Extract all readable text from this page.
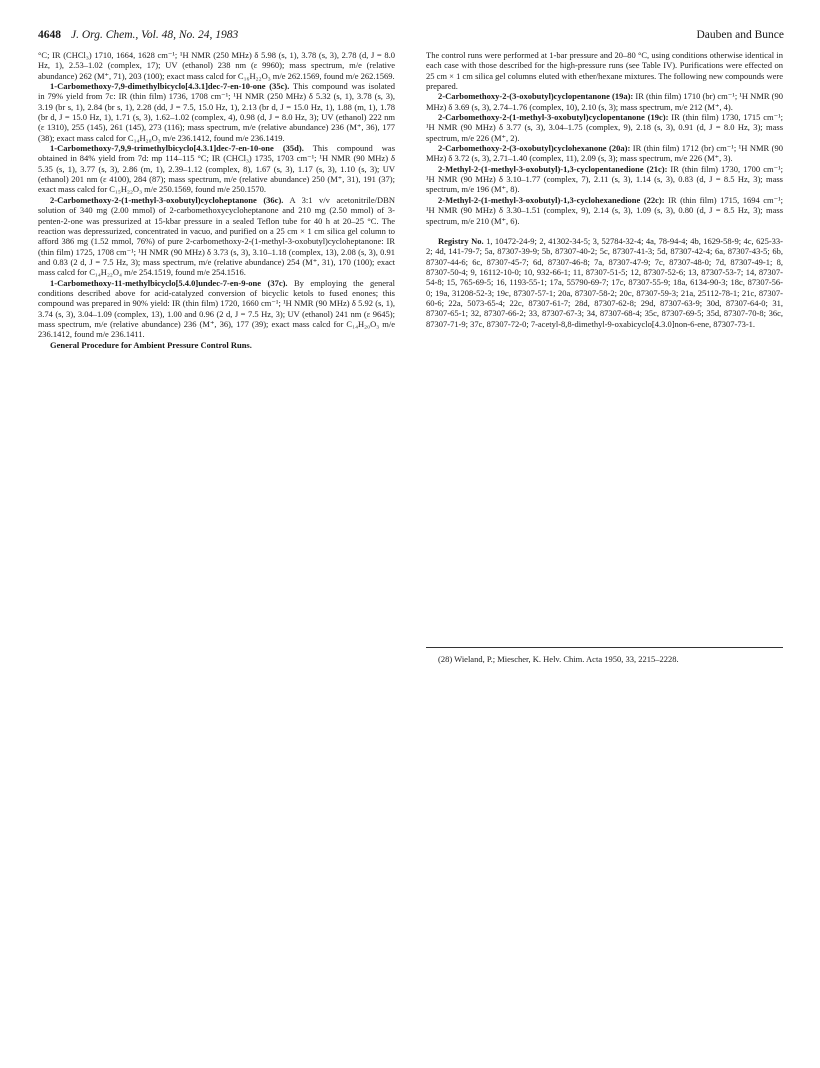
4648 J. Org. Chem., Vol. 48, No. 24, 1983	Dauben and Bunce

°C; IR (CHCl₃) 1710, 1664, 1628 cm⁻¹; ¹H NMR (250 MHz) δ 5.98 (s, 1), 3.78 (s, 3), 2.78 (d, J = 8.0 Hz, 1), 2.53–1.02 (complex, 17); UV (ethanol) 238 nm (ε 9960); mass spectrum, m/e (relative abundance) 262 (M⁺, 71), 203 (100); exact mass calcd for C₁₆H₂₂O₃ m/e 262.1569, found m/e 262.1569.

1-Carbomethoxy-7,9-dimethylbicyclo[4.3.1]dec-7-en-10-one (35c). This compound was isolated in 79% yield from 7c: IR (thin film) 1736, 1708 cm⁻¹; ¹H NMR (250 MHz) δ 5.32 (s, 1), 3.78 (s, 3), 3.19 (br s, 1), 2.84 (br s, 1), 2.28 (dd, J = 7.5, 15.0 Hz, 1), 2.13 (br d, J = 15.0 Hz, 1), 1.88 (m, 1), 1.78 (br d, J = 15.0 Hz, 1), 1.71 (s, 3), 1.62–1.02 (complex, 4), 0.98 (d, J = 8.0 Hz, 3); UV (ethanol) 222 nm (ε 1310), 255 (145), 261 (145), 273 (116); mass spectrum, m/e (relative abundance) 236 (M⁺, 36), 177 (38); exact mass calcd for C₁₄H₂₀O₃ m/e 236.1412, found m/e 236.1419.

1-Carbomethoxy-7,9,9-trimethylbicyclo[4.3.1]dec-7-en-10-one (35d). This compound was obtained in 84% yield from 7d: mp 114–115 °C; IR (CHCl₃) 1735, 1703 cm⁻¹; ¹H NMR (90 MHz) δ 5.35 (s, 1), 3.77 (s, 3), 2.86 (m, 1), 2.39–1.12 (complex, 8), 1.67 (s, 3), 1.17 (s, 3), 1.10 (s, 3); UV (ethanol) 201 nm (ε 4100), 284 (87); mass spectrum, m/e (relative abundance) 250 (M⁺, 31), 191 (37); exact mass calcd for C₁₅H₂₂O₃ m/e 250.1569, found m/e 250.1570.

2-Carbomethoxy-2-(1-methyl-3-oxobutyl)cycloheptanone (36c). A 3:1 v/v acetonitrile/DBN solution of 340 mg (2.00 mmol) of 2-carbomethoxycycloheptanone and 210 mg (2.50 mmol) of 3-penten-2-one was pressurized at 15-kbar pressure in a sealed Teflon tube for 40 h at 20–25 °C. The reaction was depressurized, concentrated in vacuo, and purified on a 25 cm × 1 cm silica gel column to afford 386 mg (1.52 mmol, 76%) of pure 2-carbomethoxy-2-(1-methyl-3-oxobutyl)cycloheptanone: IR (thin film) 1725, 1708 cm⁻¹; ¹H NMR (90 MHz) δ 3.73 (s, 3), 3.10–1.18 (complex, 13), 2.08 (s, 3), 0.91 and 0.83 (2 d, J = 7.5 Hz, 3); mass spectrum, m/e (relative abundance) 254 (M⁺, 31), 170 (100); exact mass calcd for C₁₄H₂₂O₄ m/e 254.1519, found m/e 254.1516.

1-Carbomethoxy-11-methylbicyclo[5.4.0]undec-7-en-9-one (37c). By employing the general conditions described above for acid-catalyzed conversion of bicyclic ketols to fused enones; this compound was prepared in 90% yield: IR (thin film) 1720, 1660 cm⁻¹; ¹H NMR (90 MHz) δ 5.92 (s, 1), 3.74 (s, 3), 3.04–1.09 (complex, 13), 1.00 and 0.96 (2 d, J = 7.5 Hz, 3); UV (ethanol) 241 nm (ε 9645); mass spectrum, m/e (relative abundance) 236 (M⁺, 36), 177 (39); exact mass calcd for C₁₄H₂₀O₃ m/e 236.1412, found m/e 236.1411.

General Procedure for Ambient Pressure Control Runs.

The control runs were performed at 1-bar pressure and 20–80 °C, using conditions otherwise identical in each case with those described for the high-pressure runs (see Table IV). Purifications were effected on 25 cm × 1 cm silica gel columns eluted with ether/hexane mixtures. The following new compounds were prepared.

2-Carbomethoxy-2-(3-oxobutyl)cyclopentanone (19a): IR (thin film) 1710 (br) cm⁻¹; ¹H NMR (90 MHz) δ 3.69 (s, 3), 2.74–1.76 (complex, 10), 2.10 (s, 3); mass spectrum, m/e 212 (M⁺, 4).

2-Carbomethoxy-2-(1-methyl-3-oxobutyl)cyclopentanone (19c): IR (thin film) 1730, 1715 cm⁻¹; ¹H NMR (90 MHz) δ 3.77 (s, 3), 3.04–1.75 (complex, 9), 2.18 (s, 3), 0.91 (d, J = 8.0 Hz, 3); mass spectrum, m/e 226 (M⁺, 2).

2-Carbomethoxy-2-(3-oxobutyl)cyclohexanone (20a): IR (thin film) 1712 (br) cm⁻¹; ¹H NMR (90 MHz) δ 3.72 (s, 3), 2.71–1.40 (complex, 11), 2.09 (s, 3); mass spectrum, m/e 226 (M⁺, 3).

2-Methyl-2-(1-methyl-3-oxobutyl)-1,3-cyclopentanedione (21c): IR (thin film) 1730, 1700 cm⁻¹; ¹H NMR (90 MHz) δ 3.10–1.77 (complex, 7), 2.11 (s, 3), 1.14 (s, 3), 0.83 (d, J = 8.5 Hz, 3); mass spectrum, m/e 196 (M⁺, 8).

2-Methyl-2-(1-methyl-3-oxobutyl)-1,3-cyclohexanedione (22c): IR (thin film) 1715, 1694 cm⁻¹; ¹H NMR (90 MHz) δ 3.30–1.51 (complex, 9), 2.14 (s, 3), 1.09 (s, 3), 0.80 (d, J = 8.5 Hz, 3); mass spectrum, m/e 210 (M⁺, 6).

Registry No. 1, 10472-24-9; 2, 41302-34-5; 3, 52784-32-4; 4a, 78-94-4; 4b, 1629-58-9; 4c, 625-33-2; 4d, 141-79-7; 5a, 87307-39-9; 5b, 87307-40-2; 5c, 87307-41-3; 5d, 87307-42-4; 6a, 87307-43-5; 6b, 87307-44-6; 6c, 87307-45-7; 6d, 87307-46-8; 7a, 87307-47-9; 7c, 87307-48-0; 7d, 87307-49-1; 8, 87307-50-4; 9, 16112-10-0; 10, 932-66-1; 11, 87307-51-5; 12, 87307-52-6; 13, 87307-53-7; 14, 87307-54-8; 15, 765-69-5; 16, 1193-55-1; 17a, 55790-69-7; 17c, 87307-55-9; 18a, 6134-90-3; 18c, 87307-56-0; 19a, 31208-52-3; 19c, 87307-57-1; 20a, 87307-58-2; 20c, 87307-59-3; 21a, 25112-78-1; 21c, 87307-60-6; 22a, 5073-65-4; 22c, 87307-61-7; 28d, 87307-62-8; 29d, 87307-63-9; 30d, 87307-64-0; 31, 87307-65-1; 32, 87307-66-2; 33, 87307-67-3; 34, 87307-68-4; 35c, 87307-69-5; 35d, 87307-70-8; 36c, 87307-71-9; 37c, 87307-72-0; 7-acetyl-8,8-dimethyl-9-oxabicyclo[4.3.0]non-6-ene, 87307-73-1.

(28) Wieland, P.; Miescher, K. Helv. Chim. Acta 1950, 33, 2215–2228.
